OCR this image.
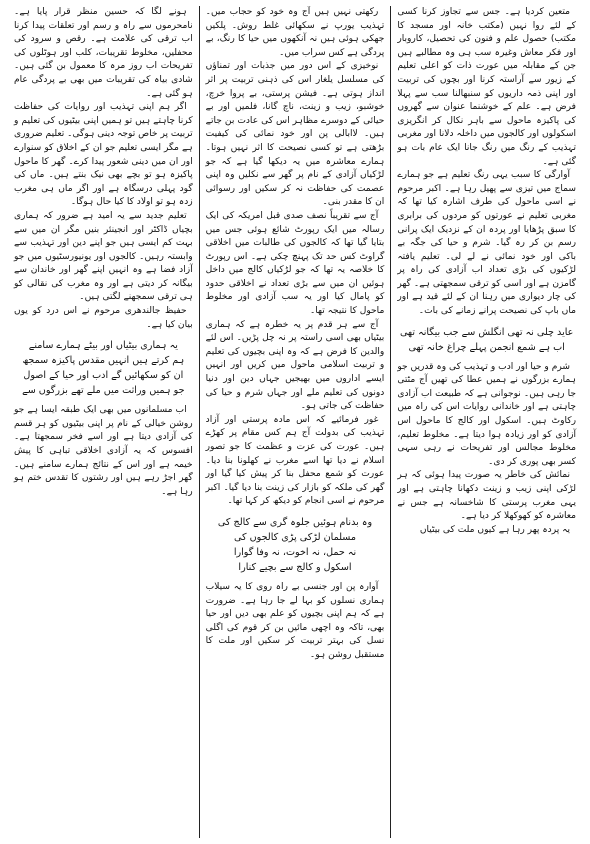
متعین کردیا ہے۔ جس سے تجاوز کرنا کسی کے لئے روا نہیں (مکتب خانہ اور مسجد کا مکتب) حصول علم و فنون کی تحصیل، کاروبار اور فکر معاش وغیرہ سب ہی وہ مطالبے ہیں جن کے مقابلہ میں عورت ذات کو اعلی تعلیم کے زیور سے آراستہ کرنا اور بچوں کی تربیت اور اپنی ذمہ داریوں کو سنبھالنا سب سے پہلا فرض ہے۔ علم کے خوشنما عنوان سے گھروں کی پاکیزہ ماحول سے باہر نکال کر انگریزی اسکولوں اور کالجوں میں داخلہ دلانا اور مغربی تہذیب کے رنگ میں رنگ جانا ایک عام بات ہو گئی ہے۔

آوارگی کا سبب یہی رنگ تعلیم ہے جو ہمارے سماج میں تیزی سے پھیل رہا ہے۔ اکبر مرحوم نے اسی ماحول کی طرف اشارہ کیا تھا کہ مغربی تعلیم نے عورتوں کو مردوں کی برابری کا سبق پڑھایا اور پردہ ان کے نزدیک ایک پرانی رسم بن کر رہ گیا۔ شرم و حیا کی جگہ بے باکی اور خود نمائی نے لے لی۔ تعلیم یافتہ لڑکیوں کی بڑی تعداد اب آزادی کی راہ پر گامزن ہے اور اسی کو ترقی سمجھتی ہے۔ گھر کی چار دیواری میں رہنا ان کے لئے قید ہے اور ماں باپ کی نصیحت پرانے زمانے کی بات۔

عاید چلی نہ تھی انگلش سے جب بیگانہ تھی
اب ہے شمع انجمن پہلے چراغ خانہ تھی

شرم و حیا اور ادب و تہذیب کی وہ قدریں جو ہمارے بزرگوں نے ہمیں عطا کی تھیں آج مٹتی جا رہی ہیں۔ نوجوانی ہے کہ طبیعت اب آزادی چاہتی ہے اور خاندانی روایات اس کی راہ میں رکاوٹ ہیں۔ اسکول اور کالج کا ماحول اس آزادی کو اور زیادہ ہوا دیتا ہے۔ مخلوط تعلیم، مخلوط مجالس اور تفریحات نے رہی سہی کسر بھی پوری کر دی۔

نمائش کی خاطر یہ صورت پیدا ہوئی کہ ہر لڑکی اپنی زیب و زینت دکھانا چاہتی ہے اور یہی مغرب پرستی کا شاخسانہ ہے جس نے معاشرہ کو کھوکھلا کر دیا ہے۔

یہ پردہ پھر رہا ہے کیوں ملت کی بیٹیاں

رکھتی نہیں ہیں آج وہ خود کو حجاب میں۔ تہذیب یورپ نے سکھائی غلط روش۔ پلکیں جھکی ہوئی ہیں نہ آنکھوں میں حیا کا رنگ، بے پردگی ہے کس سراب میں۔

نوخیزی کے اس دور میں جذبات اور تمناؤں کی مسلسل یلغار اس کی ذہنی تربیت پر اثر انداز ہوتی ہے۔ فیشن پرستی، بے پروا خرچ، خوشبو، زیب و زینت، ناچ گانا، فلمیں اور بے حیائی کے دوسرے مظاہر اس کی عادت بن جاتے ہیں۔ لاابالی پن اور خود نمائی کی کیفیت بڑھتی ہے تو کسی نصیحت کا اثر نہیں ہوتا۔ ہمارے معاشرہ میں یہ دیکھا گیا ہے کہ جو لڑکیاں آزادی کے نام پر گھر سے نکلیں وہ اپنی عصمت کی حفاظت نہ کر سکیں اور رسوائی ان کا مقدر بنی۔

آج سے تقریباً نصف صدی قبل امریکہ کی ایک رسالہ میں ایک رپورٹ شائع ہوئی جس میں بتایا گیا تھا کہ کالجوں کی طالبات میں اخلاقی گراوٹ کس حد تک پہنچ چکی ہے۔ اس رپورٹ کا خلاصہ یہ تھا کہ جو لڑکیاں کالج میں داخل ہوئیں ان میں سے بڑی تعداد نے اخلاقی حدود کو پامال کیا اور یہ سب آزادی اور مخلوط ماحول کا نتیجہ تھا۔

آج سے ہر قدم پر یہ خطرہ ہے کہ ہماری بیٹیاں بھی اسی راستہ پر نہ چل پڑیں۔ اس لئے والدین کا فرض ہے کہ وہ اپنی بچیوں کی تعلیم و تربیت اسلامی ماحول میں کریں اور انہیں ایسے اداروں میں بھیجیں جہاں دین اور دنیا دونوں کی تعلیم ملے اور جہاں شرم و حیا کی حفاظت کی جاتی ہو۔

غور فرمائیے کہ اس مادہ پرستی اور آزاد تہذیب کی بدولت آج ہم کس مقام پر کھڑے ہیں۔ عورت کی عزت و عظمت کا جو تصور اسلام نے دیا تھا اسے مغرب نے کھلونا بنا دیا۔ عورت کو شمع محفل بنا کر پیش کیا گیا اور گھر کی ملکہ کو بازار کی زینت بنا دیا گیا۔ اکبر مرحوم نے اسی انجام کو دیکھ کر کہا تھا۔

وہ بدنام ہوئیں جلوہ گری سے کالج کی
مسلمان لڑکی پڑی کالجوں کی
نہ حمل، نہ اخوت، نہ وفا گوارا
اسکول و کالج سے بچیے کنارا

آوارہ پن اور جنسی بے راہ روی کا یہ سیلاب ہماری نسلوں کو بہا لے جا رہا ہے۔ ضرورت ہے کہ ہم اپنی بچیوں کو علم بھی دیں اور حیا بھی، تاکہ وہ اچھی مائیں بن کر قوم کی اگلی نسل کی بہتر تربیت کر سکیں اور ملت کا مستقبل روشن ہو۔

ہونے لگا کہ حسین منظر قرار پایا ہے۔ نامحرموں سے راہ و رسم اور تعلقات پیدا کرنا اب ترقی کی علامت ہے۔ رقص و سرود کی محفلیں، مخلوط تقریبات، کلب اور ہوٹلوں کی تفریحات اب روز مرہ کا معمول بن گئی ہیں۔ شادی بیاہ کی تقریبات میں بھی بے پردگی عام ہو گئی ہے۔

اگر ہم اپنی تہذیب اور روایات کی حفاظت کرنا چاہتے ہیں تو ہمیں اپنی بیٹیوں کی تعلیم و تربیت پر خاص توجہ دینی ہوگی۔ تعلیم ضروری ہے مگر ایسی تعلیم جو ان کے اخلاق کو سنوارے اور ان میں دینی شعور پیدا کرے۔ گھر کا ماحول پاکیزہ ہو تو بچے بھی نیک بنتے ہیں۔ ماں کی گود پہلی درسگاہ ہے اور اگر ماں ہی مغرب زدہ ہو تو اولاد کا کیا حال ہوگا۔

تعلیم جدید سے یہ امید ہے ضرور کہ ہماری بچیاں ڈاکٹر اور انجینئر بنیں مگر ان میں سے بہت کم ایسی ہیں جو اپنے دین اور تہذیب سے وابستہ رہیں۔ کالجوں اور یونیورسٹیوں میں جو آزاد فضا ہے وہ انہیں اپنے گھر اور خاندان سے بیگانہ کر دیتی ہے اور وہ مغرب کی نقالی کو ہی ترقی سمجھنے لگتی ہیں۔

حفیظ جالندھری مرحوم نے اس درد کو یوں بیان کیا ہے۔

یہ ہماری بیٹیاں اور بیٹے ہمارے سامنے
ہم کرتے ہیں انہیں مقدس پاکیزہ سمجھ
ان کو سکھائیں گے ادب اور حیا کے اصول
جو ہمیں وراثت میں ملے تھے بزرگوں سے

اب مسلمانوں میں بھی ایک طبقہ ایسا ہے جو روشن خیالی کے نام پر اپنی بیٹیوں کو ہر قسم کی آزادی دیتا ہے اور اسے فخر سمجھتا ہے۔ افسوس کہ یہ آزادی اخلاقی تباہی کا پیش خیمہ ہے اور اس کے نتائج ہمارے سامنے ہیں۔ گھر اجڑ رہے ہیں اور رشتوں کا تقدس ختم ہو رہا ہے۔
